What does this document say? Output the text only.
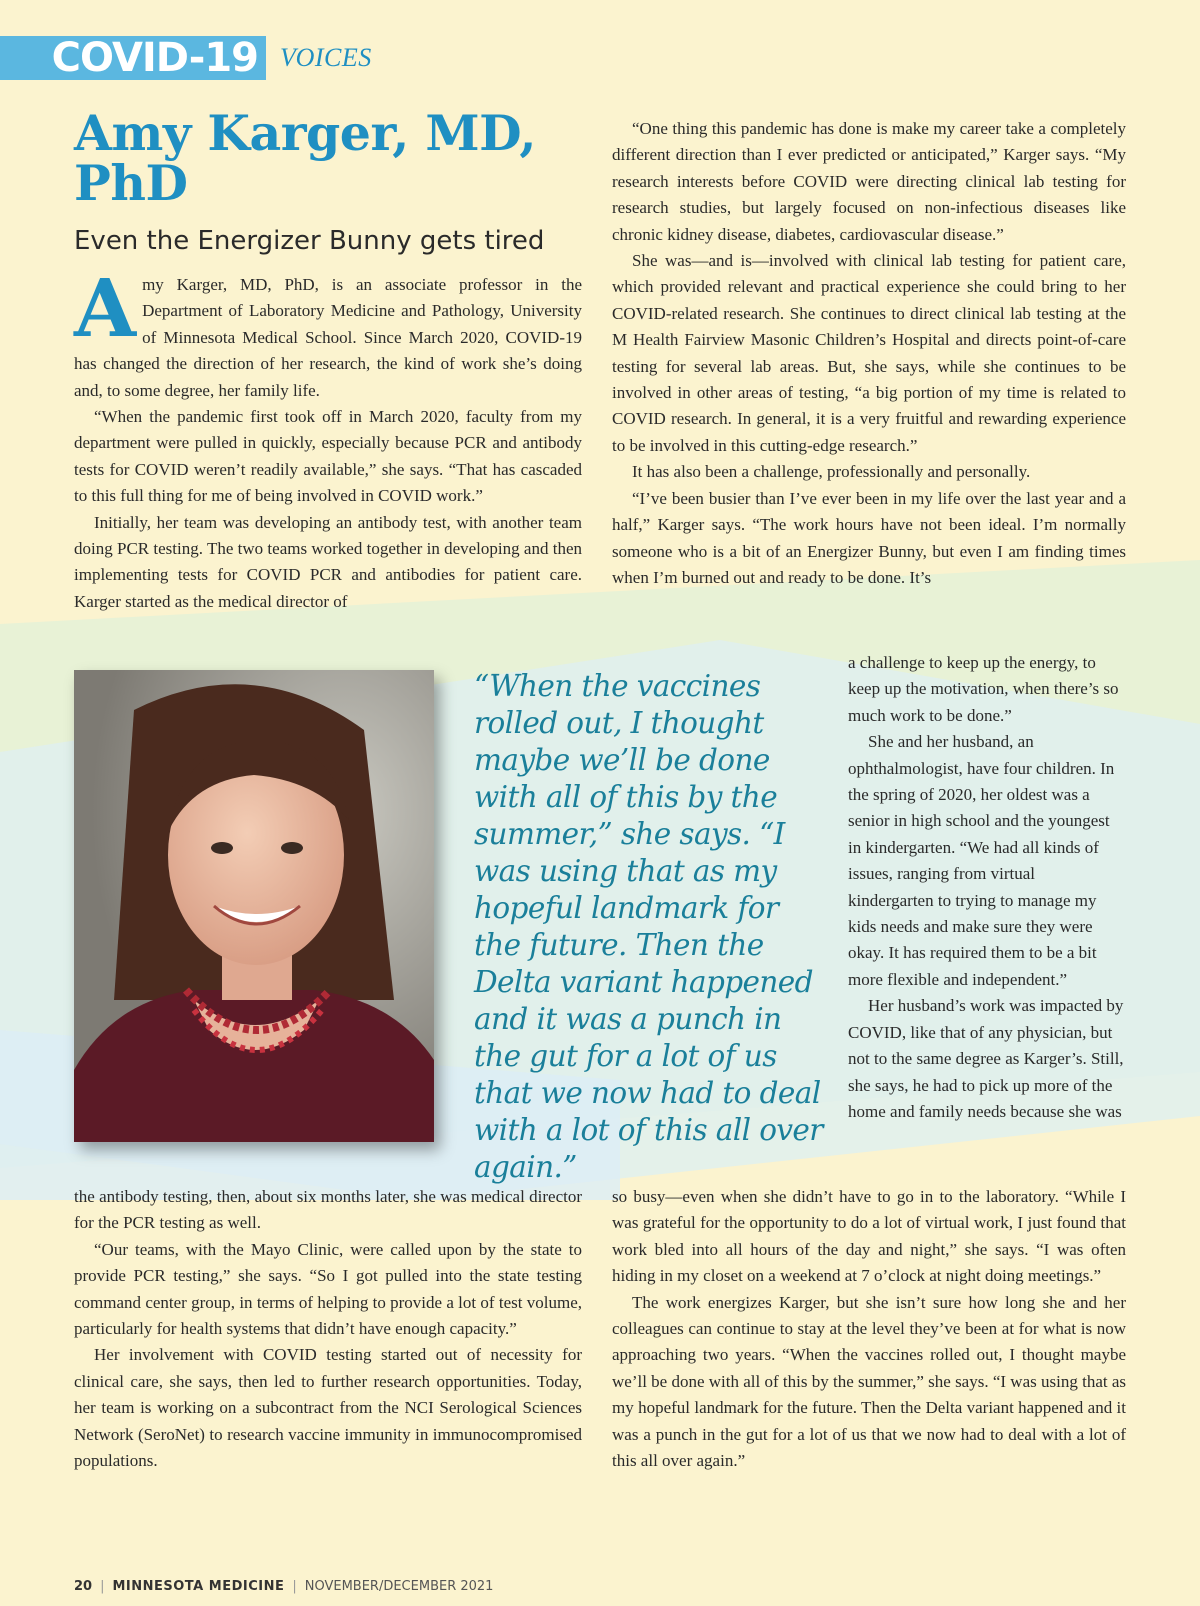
COVID-19 VOICES
Amy Karger, MD, PhD
Even the Energizer Bunny gets tired

Amy Karger, MD, PhD, is an associate professor in the Department of Laboratory Medicine and Pathology, University of Minnesota Medical School. Since March 2020, COVID-19 has changed the direction of her research, the kind of work she’s doing and, to some degree, her family life.

“When the pandemic first took off in March 2020, faculty from my department were pulled in quickly, especially because PCR and antibody tests for COVID weren’t readily available,” she says. “That has cascaded to this full thing for me of being involved in COVID work.”

Initially, her team was developing an antibody test, with another team doing PCR testing. The two teams worked together in developing and then implementing tests for COVID PCR and antibodies for patient care. Karger started as the medical director of

“When the vaccines rolled out, I thought maybe we’ll be done with all of this by the summer,” she says. “I was using that as my hopeful landmark for the future. Then the Delta variant happened and it was a punch in the gut for a lot of us that we now had to deal with a lot of this all over again.”

the antibody testing, then, about six months later, she was medical director for the PCR testing as well.

“Our teams, with the Mayo Clinic, were called upon by the state to provide PCR testing,” she says. “So I got pulled into the state testing command center group, in terms of helping to provide a lot of test volume, particularly for health systems that didn’t have enough capacity.”

Her involvement with COVID testing started out of necessity for clinical care, she says, then led to further research opportunities. Today, her team is working on a subcontract from the NCI Serological Sciences Network (SeroNet) to research vaccine immunity in immunocompromised populations.

“One thing this pandemic has done is make my career take a completely different direction than I ever predicted or anticipated,” Karger says. “My research interests before COVID were directing clinical lab testing for research studies, but largely focused on non-infectious diseases like chronic kidney disease, diabetes, cardiovascular disease.”

She was—and is—involved with clinical lab testing for patient care, which provided relevant and practical experience she could bring to her COVID-related research. She continues to direct clinical lab testing at the M Health Fairview Masonic Children’s Hospital and directs point-of-care testing for several lab areas. But, she says, while she continues to be involved in other areas of testing, “a big portion of my time is related to COVID research. In general, it is a very fruitful and rewarding experience to be involved in this cutting-edge research.”

It has also been a challenge, professionally and personally.

“I’ve been busier than I’ve ever been in my life over the last year and a half,” Karger says. “The work hours have not been ideal. I’m normally someone who is a bit of an Energizer Bunny, but even I am finding times when I’m burned out and ready to be done. It’s

a challenge to keep up the energy, to keep up the motivation, when there’s so much work to be done.”

She and her husband, an ophthalmologist, have four children. In the spring of 2020, her oldest was a senior in high school and the youngest in kindergarten. “We had all kinds of issues, ranging from virtual kindergarten to trying to manage my kids needs and make sure they were okay. It has required them to be a bit more flexible and independent.”

Her husband’s work was impacted by COVID, like that of any physician, but not to the same degree as Karger’s. Still, she says, he had to pick up more of the home and family needs because she was

so busy—even when she didn’t have to go in to the laboratory. “While I was grateful for the opportunity to do a lot of virtual work, I just found that work bled into all hours of the day and night,” she says. “I was often hiding in my closet on a weekend at 7 o’clock at night doing meetings.”

The work energizes Karger, but she isn’t sure how long she and her colleagues can continue to stay at the level they’ve been at for what is now approaching two years. “When the vaccines rolled out, I thought maybe we’ll be done with all of this by the summer,” she says. “I was using that as my hopeful landmark for the future. Then the Delta variant happened and it was a punch in the gut for a lot of us that we now had to deal with a lot of this all over again.”

20 | MINNESOTA MEDICINE | NOVEMBER/DECEMBER 2021
